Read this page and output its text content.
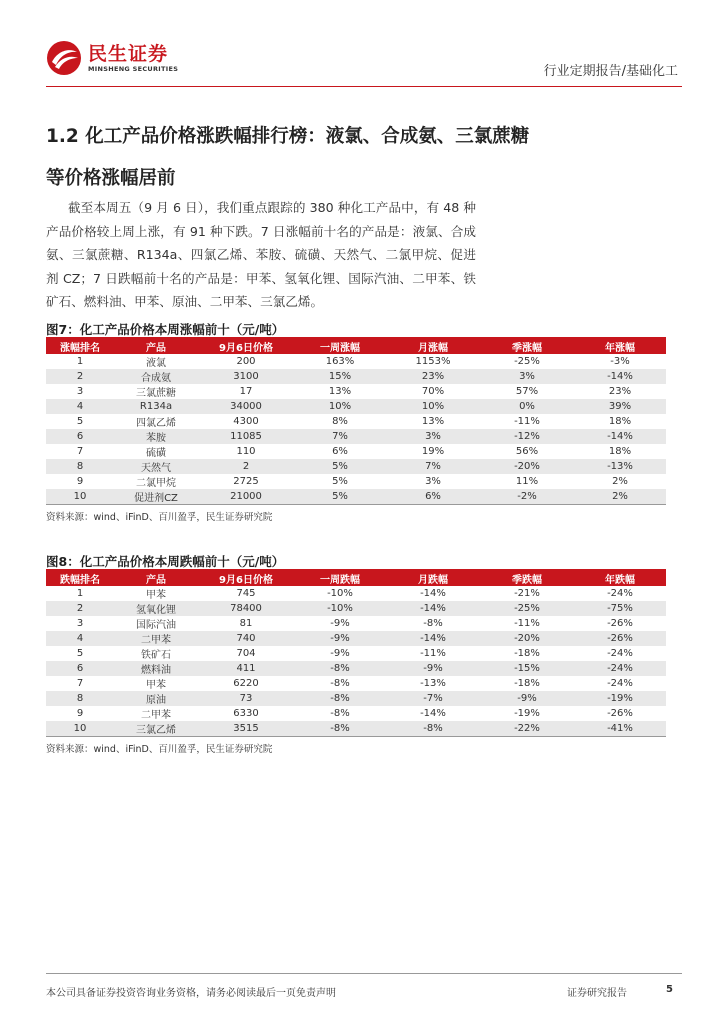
民生证券
MINSHENG SECURITIES	行业定期报告/基础化工
1.2 化工产品价格涨跌幅排行榜：液氯、合成氨、三氯蔗糖
等价格涨幅居前
截至本周五（9 月 6 日），我们重点跟踪的 380 种化工产品中，有 48 种产品价格较上周上涨，有 91 种下跌。7 日涨幅前十名的产品是：液氯、合成氨、三氯蔗糖、R134a、四氯乙烯、苯胺、硫磺、天然气、二氯甲烷、促进剂 CZ；7 日跌幅前十名的产品是：甲苯、氢氧化锂、国际汽油、二甲苯、铁矿石、燃料油、甲苯、原油、二甲苯、三氯乙烯。
图7：化工产品价格本周涨幅前十（元/吨）
涨幅排名	产品	9月6日价格	一周涨幅	月涨幅	季涨幅	年涨幅
1	液氯	200	163%	1153%	-25%	-3%
2	合成氨	3100	15%	23%	3%	-14%
3	三氯蔗糖	17	13%	70%	57%	23%
4	R134a	34000	10%	10%	0%	39%
5	四氯乙烯	4300	8%	13%	-11%	18%
6	苯胺	11085	7%	3%	-12%	-14%
7	硫磺	110	6%	19%	56%	18%
8	天然气	2	5%	7%	-20%	-13%
9	二氯甲烷	2725	5%	3%	11%	2%
10	促进剂CZ	21000	5%	6%	-2%	2%
资料来源：wind、iFinD、百川盈孚，民生证券研究院
图8：化工产品价格本周跌幅前十（元/吨）
跌幅排名	产品	9月6日价格	一周跌幅	月跌幅	季跌幅	年跌幅
1	甲苯	745	-10%	-14%	-21%	-24%
2	氢氧化锂	78400	-10%	-14%	-25%	-75%
3	国际汽油	81	-9%	-8%	-11%	-26%
4	二甲苯	740	-9%	-14%	-20%	-26%
5	铁矿石	704	-9%	-11%	-18%	-24%
6	燃料油	411	-8%	-9%	-15%	-24%
7	甲苯	6220	-8%	-13%	-18%	-24%
8	原油	73	-8%	-7%	-9%	-19%
9	二甲苯	6330	-8%	-14%	-19%	-26%
10	三氯乙烯	3515	-8%	-8%	-22%	-41%
资料来源：wind、iFinD、百川盈孚，民生证券研究院
本公司具备证券投资咨询业务资格，请务必阅读最后一页免责声明	证券研究报告	5
